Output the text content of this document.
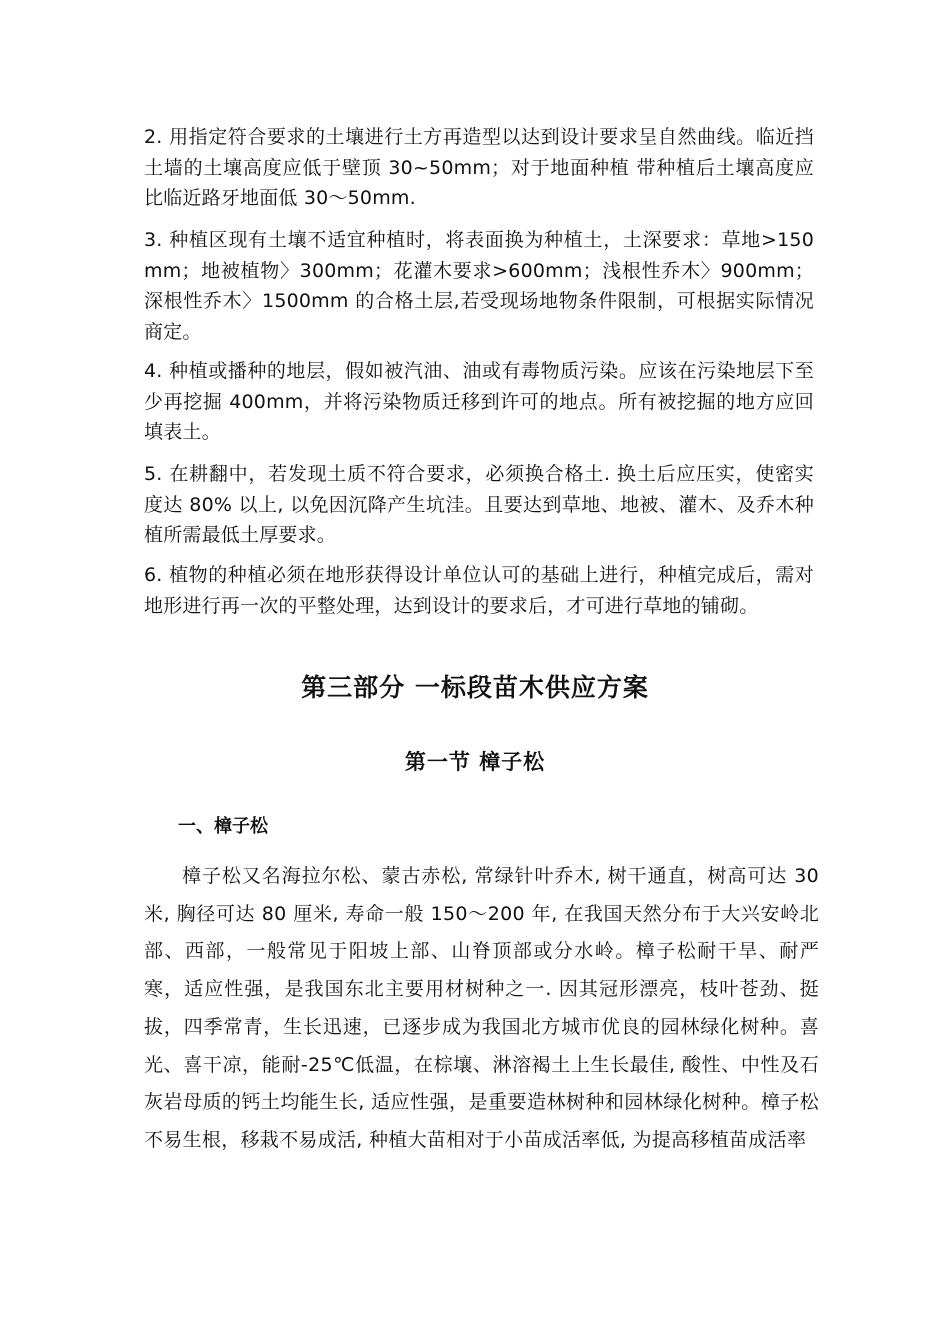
2. 用指定符合要求的土壤进行土方再造型以达到设计要求呈自然曲线。临近挡土墙的土壤高度应低于壁顶 30~50mm；对于地面种植 带种植后土壤高度应比临近路牙地面低 30～50mm.

3. 种植区现有土壤不适宜种植时，将表面换为种植土，土深要求：草地>150mm；地被植物〉300mm；花灌木要求>600mm；浅根性乔木〉900mm；深根性乔木〉1500mm 的合格土层,若受现场地物条件限制，可根据实际情况商定。

4. 种植或播种的地层，假如被汽油、油或有毒物质污染。应该在污染地层下至少再挖掘 400mm，并将污染物质迁移到许可的地点。所有被挖掘的地方应回填表土。

5. 在耕翻中，若发现土质不符合要求，必须换合格土. 换土后应压实，使密实度达 80% 以上, 以免因沉降产生坑洼。且要达到草地、地被、灌木、及乔木种植所需最低土厚要求。

6. 植物的种植必须在地形获得设计单位认可的基础上进行，种植完成后，需对地形进行再一次的平整处理，达到设计的要求后，才可进行草地的铺砌。

第三部分 一标段苗木供应方案
第一节 樟子松
一、樟子松

樟子松又名海拉尔松、蒙古赤松, 常绿针叶乔木, 树干通直，树高可达 30 米, 胸径可达 80 厘米, 寿命一般 150～200 年, 在我国天然分布于大兴安岭北部、西部，一般常见于阳坡上部、山脊顶部或分水岭。樟子松耐干旱、耐严寒，适应性强，是我国东北主要用材树种之一. 因其冠形漂亮，枝叶苍劲、挺拔，四季常青，生长迅速，已逐步成为我国北方城市优良的园林绿化树种。喜光、喜干凉，能耐-25℃低温，在棕壤、淋溶褐土上生长最佳, 酸性、中性及石灰岩母质的钙土均能生长, 适应性强，是重要造林树种和园林绿化树种。樟子松不易生根，移栽不易成活, 种植大苗相对于小苗成活率低, 为提高移植苗成活率
